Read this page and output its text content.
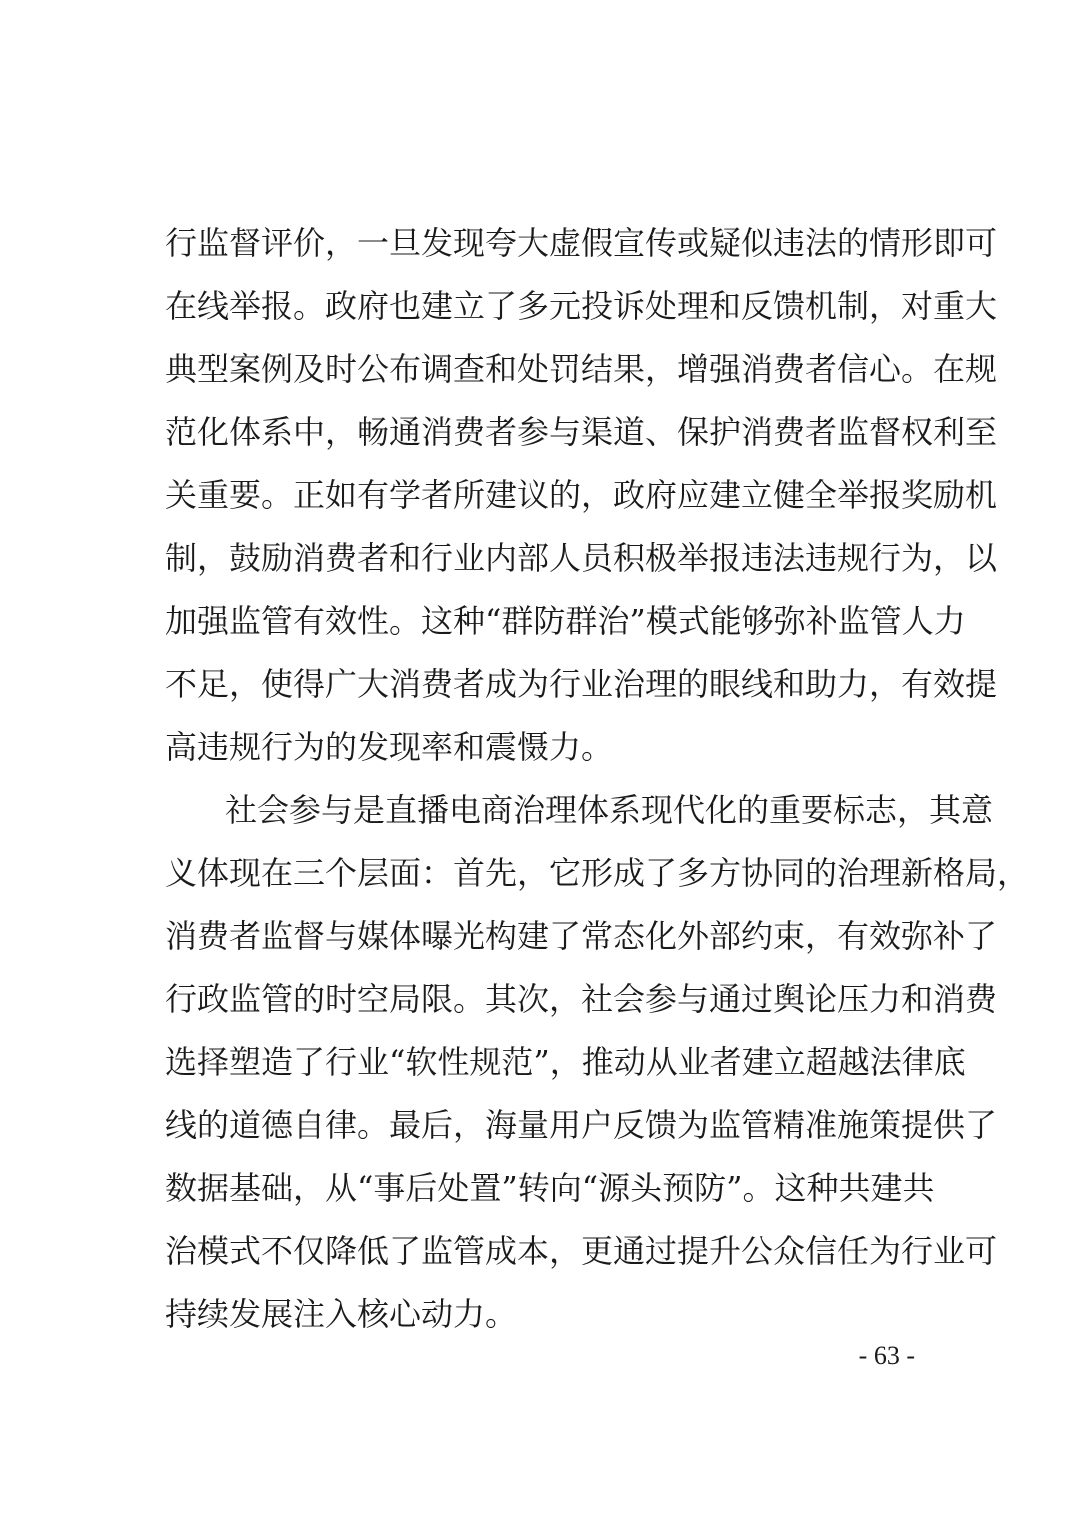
行监督评价，一旦发现夸大虚假宣传或疑似违法的情形即可
在线举报。政府也建立了多元投诉处理和反馈机制，对重大
典型案例及时公布调查和处罚结果，增强消费者信心。在规
范化体系中，畅通消费者参与渠道、保护消费者监督权利至
关重要。正如有学者所建议的，政府应建立健全举报奖励机
制，鼓励消费者和行业内部人员积极举报违法违规行为，以
加强监管有效性。这种“群防群治”模式能够弥补监管人力
不足，使得广大消费者成为行业治理的眼线和助力，有效提
高违规行为的发现率和震慑力。
社会参与是直播电商治理体系现代化的重要标志，其意
义体现在三个层面：首先，它形成了多方协同的治理新格局，
消费者监督与媒体曝光构建了常态化外部约束，有效弥补了
行政监管的时空局限。其次，社会参与通过舆论压力和消费
选择塑造了行业“软性规范”，推动从业者建立超越法律底
线的道德自律。最后，海量用户反馈为监管精准施策提供了
数据基础，从“事后处置”转向“源头预防”。这种共建共
治模式不仅降低了监管成本，更通过提升公众信任为行业可
持续发展注入核心动力。
- 63 -
